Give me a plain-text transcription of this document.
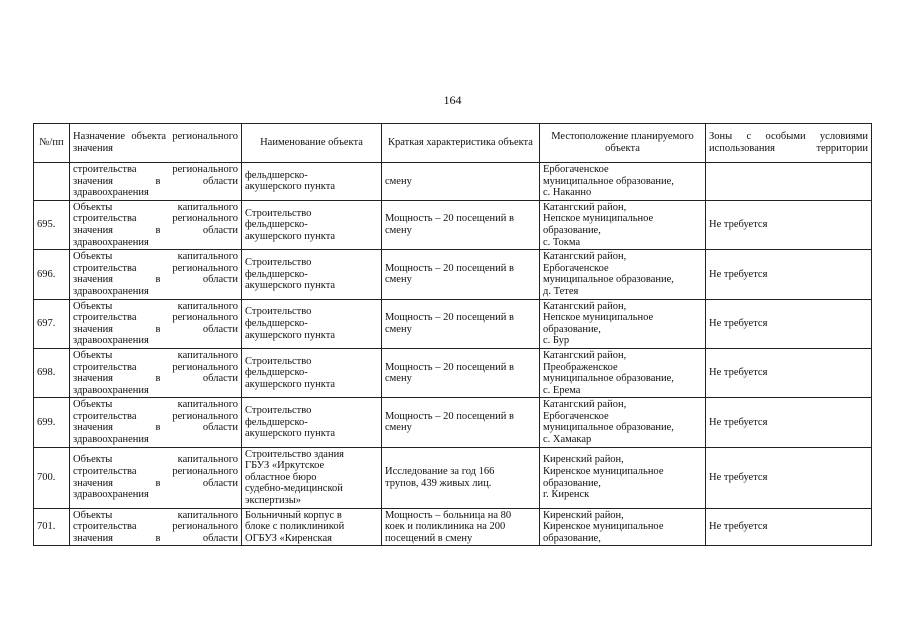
164
№/пп	Назначение объекта регионального значения	Наименование объекта	Краткая характеристика объекта	Местоположение планируемого объекта	Зоны с особыми условиями использования территории

	строительства регионального
значения в области
здравоохранения	фельдшерско-
акушерского пункта	смену	Ербогаченское
муниципальное образование,
с. Наканно	

695.	Объекты капитального
строительства регионального
значения в области
здравоохранения	Строительство
фельдшерско-
акушерского пункта	Мощность – 20 посещений в
смену	Катангский район,
Непское муниципальное
образование,
с. Токма	Не требуется
696.	Объекты капитального
строительства регионального
значения в области
здравоохранения	Строительство
фельдшерско-
акушерского пункта	Мощность – 20 посещений в
смену	Катангский район,
Ербогаченское
муниципальное образование,
д. Тетея	Не требуется
697.	Объекты капитального
строительства регионального
значения в области
здравоохранения	Строительство
фельдшерско-
акушерского пункта	Мощность – 20 посещений в
смену	Катангский район,
Непское муниципальное
образование,
с. Бур	Не требуется
698.	Объекты капитального
строительства регионального
значения в области
здравоохранения	Строительство
фельдшерско-
акушерского пункта	Мощность – 20 посещений в
смену	Катангский район,
Преображенское
муниципальное образование,
с. Ерема	Не требуется
699.	Объекты капитального
строительства регионального
значения в области
здравоохранения	Строительство
фельдшерско-
акушерского пункта	Мощность – 20 посещений в
смену	Катангский район,
Ербогаченское
муниципальное образование,
с. Хамакар	Не требуется
700.	Объекты капитального
строительства регионального
значения в области
здравоохранения	Строительство здания
ГБУЗ «Иркутское
областное бюро
судебно-медицинской
экспертизы»	Исследование за год 166
трупов, 439 живых лиц.	Киренский район,
Киренское муниципальное
образование,
г. Киренск	Не требуется
701.	Объекты капитального
строительства регионального
значения в области	Больничный корпус в
блоке с поликлиникой
ОГБУЗ «Киренская	Мощность – больница на 80
коек и поликлиника на 200
посещений в смену	Киренский район,
Киренское муниципальное
образование,	Не требуется
